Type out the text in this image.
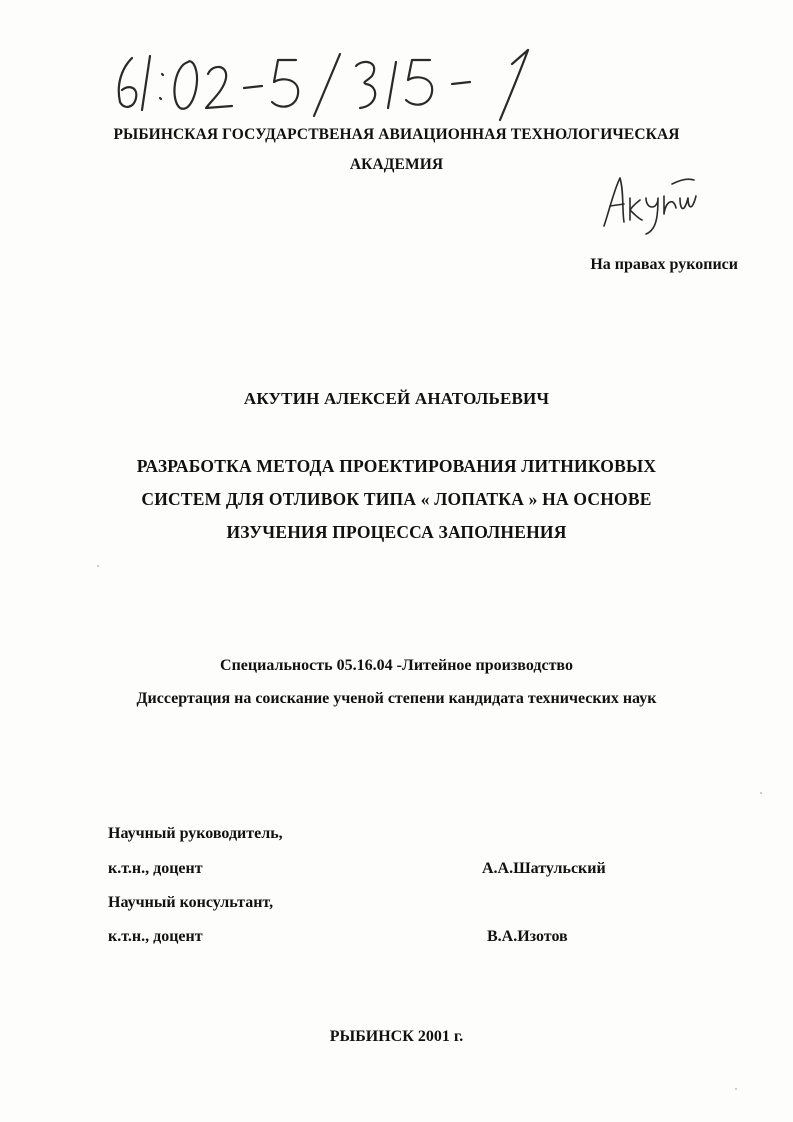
РЫБИНСКАЯ ГОСУДАРСТВЕНАЯ АВИАЦИОННАЯ ТЕХНОЛОГИЧЕСКАЯ

АКАДЕМИЯ

На правах рукописи

АКУТИН АЛЕКСЕЙ АНАТОЛЬЕВИЧ

РАЗРАБОТКА МЕТОДА ПРОЕКТИРОВАНИЯ ЛИТНИКОВЫХ

СИСТЕМ ДЛЯ ОТЛИВОК ТИПА « ЛОПАТКА » НА ОСНОВЕ

ИЗУЧЕНИЯ ПРОЦЕССА ЗАПОЛНЕНИЯ

Специальность 05.16.04 -Литейное производство

Диссертация на соискание ученой степени кандидата технических наук

Научный руководитель,

к.т.н., доцент	А.А.Шатульский

Научный консультант,

к.т.н., доцент	В.А.Изотов

РЫБИНСК 2001 г.
